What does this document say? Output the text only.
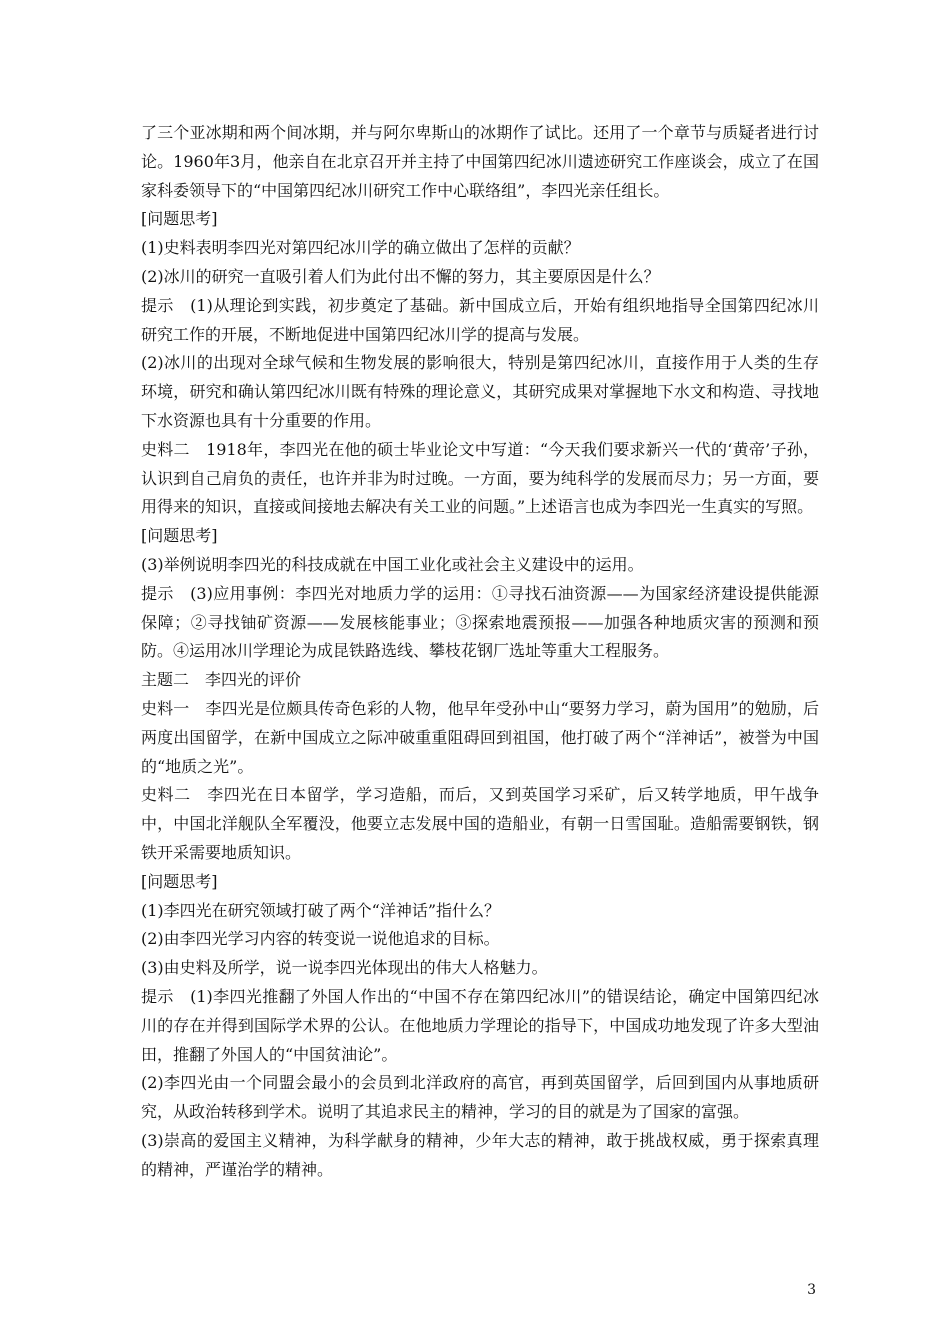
了三个亚冰期和两个间冰期，并与阿尔卑斯山的冰期作了试比。还用了一个章节与质疑者进行讨论。1960年3月，他亲自在北京召开并主持了中国第四纪冰川遗迹研究工作座谈会，成立了在国家科委领导下的“中国第四纪冰川研究工作中心联络组”，李四光亲任组长。

[问题思考]

(1)史料表明李四光对第四纪冰川学的确立做出了怎样的贡献？

(2)冰川的研究一直吸引着人们为此付出不懈的努力，其主要原因是什么？

提示　(1)从理论到实践，初步奠定了基础。新中国成立后，开始有组织地指导全国第四纪冰川研究工作的开展，不断地促进中国第四纪冰川学的提高与发展。

(2)冰川的出现对全球气候和生物发展的影响很大，特别是第四纪冰川，直接作用于人类的生存环境，研究和确认第四纪冰川既有特殊的理论意义，其研究成果对掌握地下水文和构造、寻找地下水资源也具有十分重要的作用。

史料二　1918年，李四光在他的硕士毕业论文中写道：“今天我们要求新兴一代的‘黄帝’子孙，认识到自己肩负的责任，也许并非为时过晚。一方面，要为纯科学的发展而尽力；另一方面，要用得来的知识，直接或间接地去解决有关工业的问题。”上述语言也成为李四光一生真实的写照。

[问题思考]

(3)举例说明李四光的科技成就在中国工业化或社会主义建设中的运用。

提示　(3)应用事例：李四光对地质力学的运用：①寻找石油资源——为国家经济建设提供能源保障；②寻找铀矿资源——发展核能事业；③探索地震预报——加强各种地质灾害的预测和预防。④运用冰川学理论为成昆铁路选线、攀枝花钢厂选址等重大工程服务。

主题二　李四光的评价

史料一　李四光是位颇具传奇色彩的人物，他早年受孙中山“要努力学习，蔚为国用”的勉励，后两度出国留学，在新中国成立之际冲破重重阻碍回到祖国，他打破了两个“洋神话”，被誉为中国的“地质之光”。

史料二　李四光在日本留学，学习造船，而后，又到英国学习采矿，后又转学地质，甲午战争中，中国北洋舰队全军覆没，他要立志发展中国的造船业，有朝一日雪国耻。造船需要钢铁，钢铁开采需要地质知识。

[问题思考]

(1)李四光在研究领域打破了两个“洋神话”指什么？

(2)由李四光学习内容的转变说一说他追求的目标。

(3)由史料及所学，说一说李四光体现出的伟大人格魅力。

提示　(1)李四光推翻了外国人作出的“中国不存在第四纪冰川”的错误结论，确定中国第四纪冰川的存在并得到国际学术界的公认。在他地质力学理论的指导下，中国成功地发现了许多大型油田，推翻了外国人的“中国贫油论”。

(2)李四光由一个同盟会最小的会员到北洋政府的高官，再到英国留学，后回到国内从事地质研究，从政治转移到学术。说明了其追求民主的精神，学习的目的就是为了国家的富强。

(3)崇高的爱国主义精神，为科学献身的精神，少年大志的精神，敢于挑战权威，勇于探索真理的精神，严谨治学的精神。

3
